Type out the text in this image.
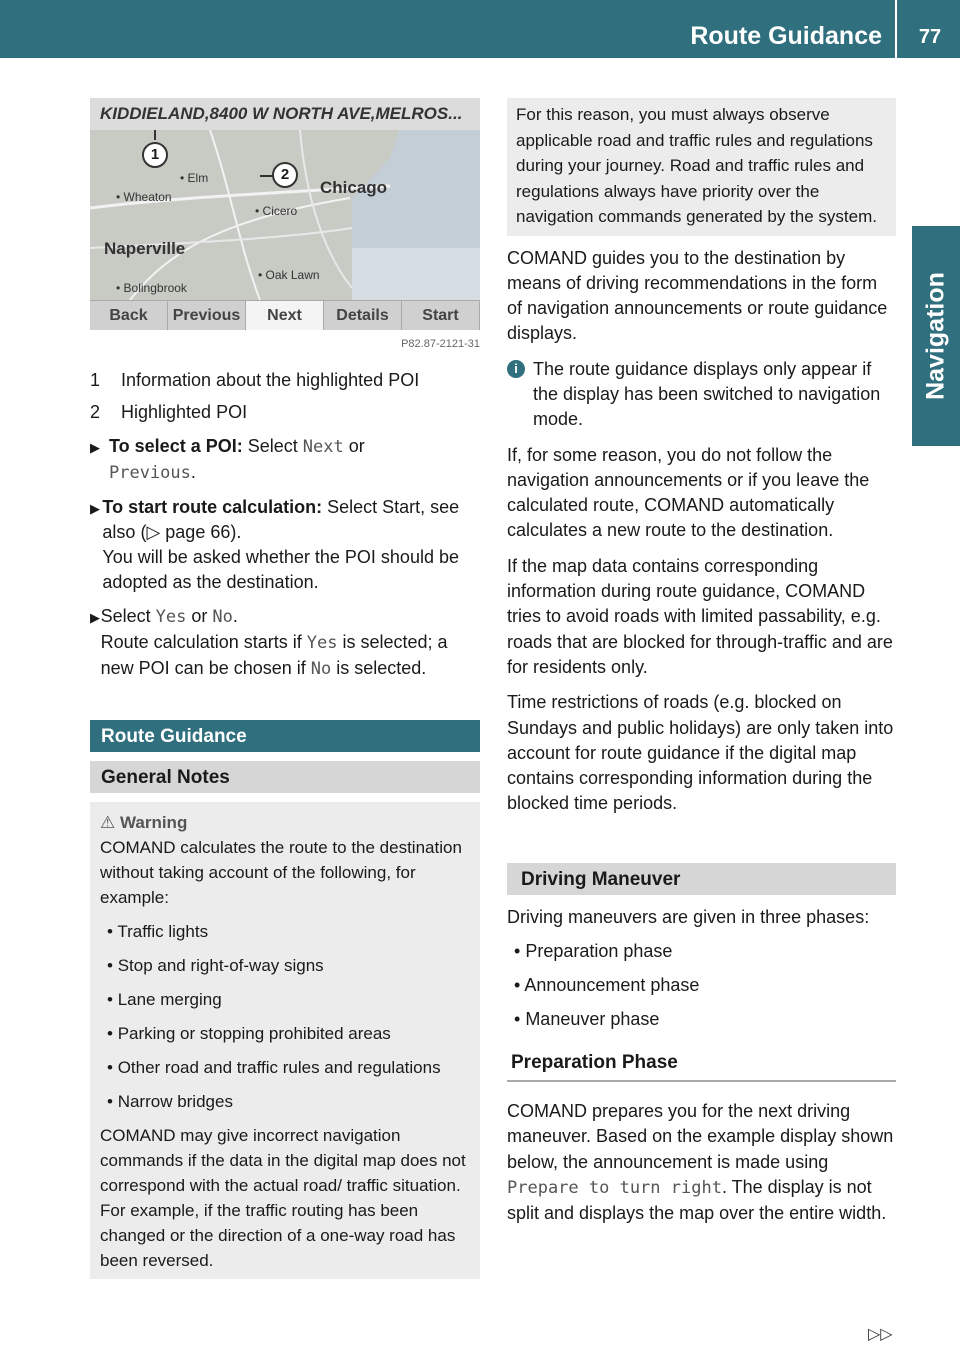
Route Guidance	77
Navigation
KIDDIELAND,8400 W NORTH AVE,MELROS...
• Elm
• Wheaton
• Cicero
Chicago
Naperville
• Oak Lawn
• Bolingbrook
1
2
Back	Previous	Next	Details	Start
P82.87-2121-31
1	Information about the highlighted POI
2	Highlighted POI
▶ To select a POI: Select Next or
Previous.
▶ To start route calculation: Select Start, see also (▷ page 66).
You will be asked whether the POI should be adopted as the destination.
▶ Select Yes or No.
Route calculation starts if Yes is selected; a new POI can be chosen if No is selected.
Route Guidance
General Notes
⚠ Warning
COMAND calculates the route to the destination without taking account of the following, for example:
• Traffic lights
• Stop and right-of-way signs
• Lane merging
• Parking or stopping prohibited areas
• Other road and traffic rules and regulations
• Narrow bridges

COMAND may give incorrect navigation commands if the data in the digital map does not correspond with the actual road/ traffic situation. For example, if the traffic routing has been changed or the direction of a one-way road has been reversed.

For this reason, you must always observe applicable road and traffic rules and regulations during your journey. Road and traffic rules and regulations always have priority over the navigation commands generated by the system.

COMAND guides you to the destination by means of driving recommendations in the form of navigation announcements or route guidance displays.

i The route guidance displays only appear if the display has been switched to navigation mode.

If, for some reason, you do not follow the navigation announcements or if you leave the calculated route, COMAND automatically calculates a new route to the destination.

If the map data contains corresponding information during route guidance, COMAND tries to avoid roads with limited passability, e.g. roads that are blocked for through-traffic and are for residents only.

Time restrictions of roads (e.g. blocked on Sundays and public holidays) are only taken into account for route guidance if the digital map contains corresponding information during the blocked time periods.

Driving Maneuver

Driving maneuvers are given in three phases:

• Preparation phase
• Announcement phase
• Maneuver phase
Preparation Phase

COMAND prepares you for the next driving maneuver. Based on the example display shown below, the announcement is made using Prepare to turn right. The display is not split and displays the map over the entire width.

▷▷
